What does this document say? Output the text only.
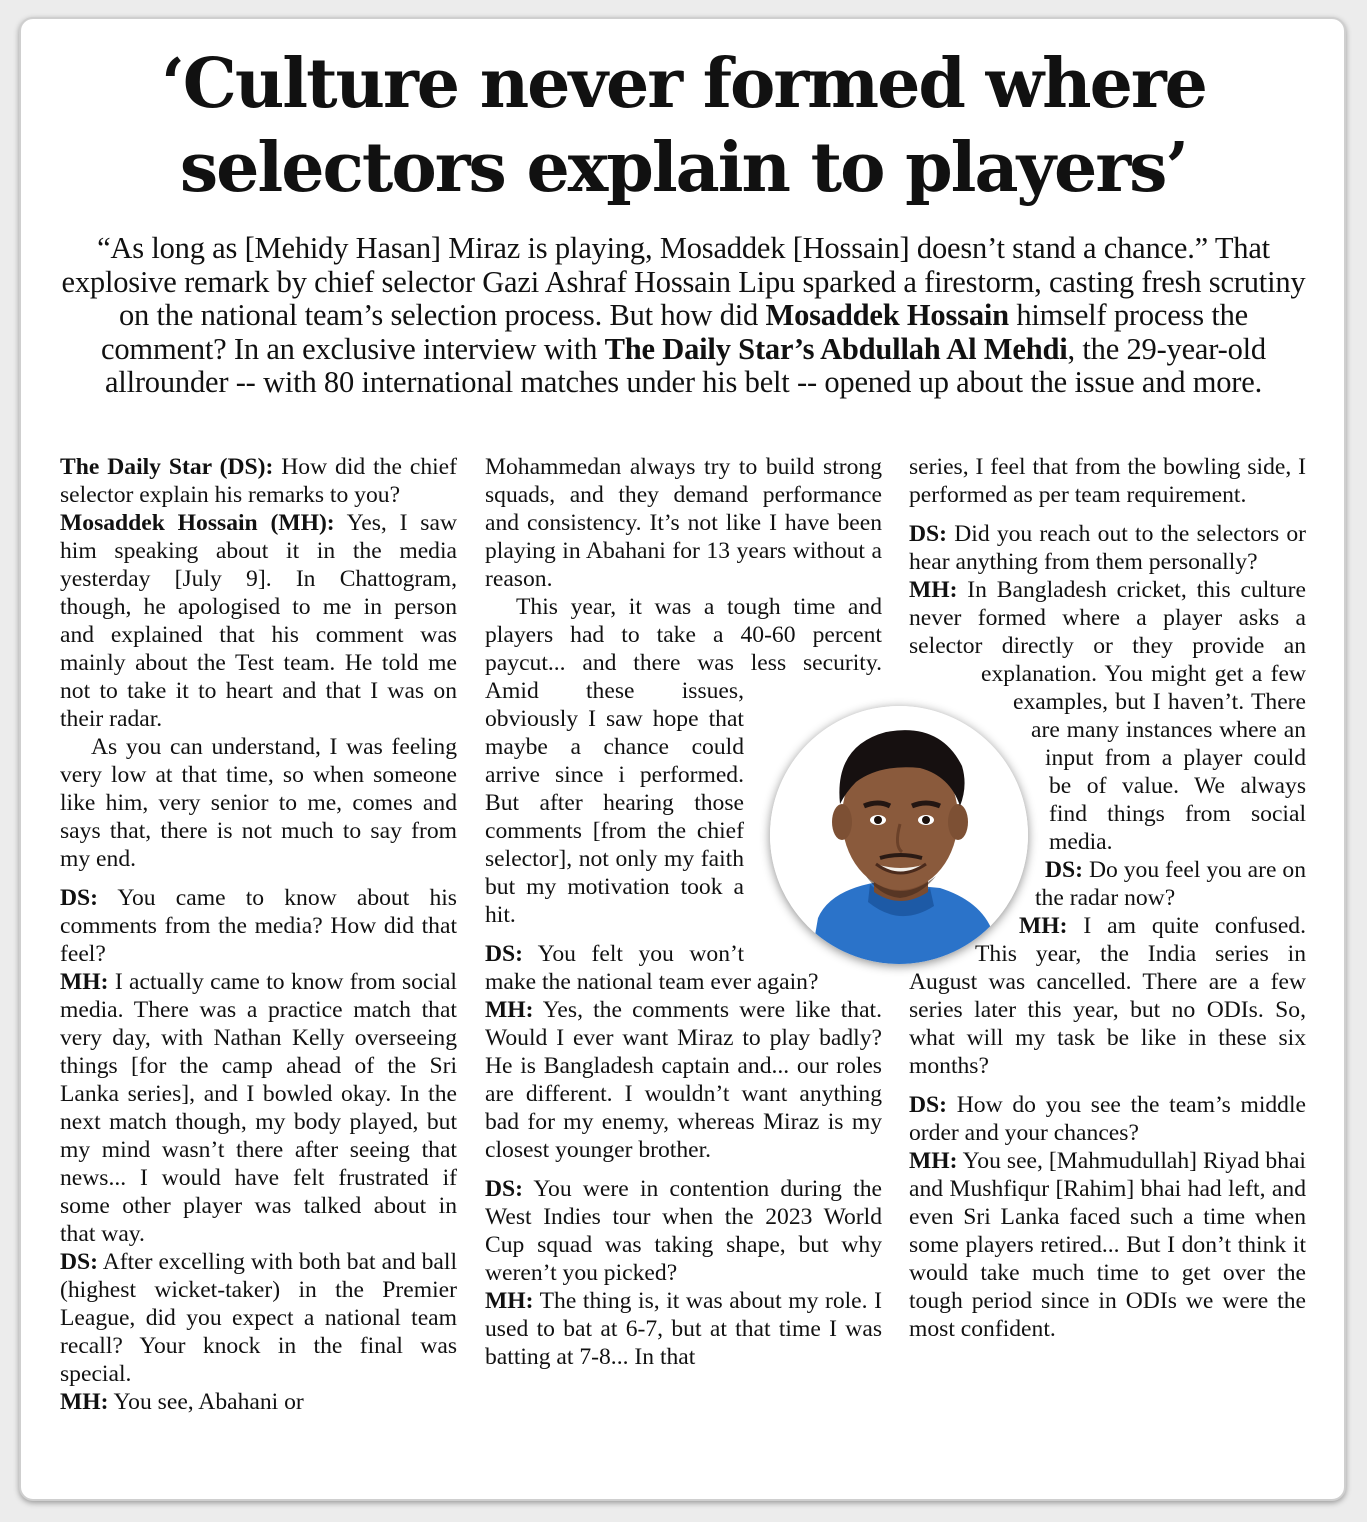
‘Culture never formed where selectors explain to players’

“As long as [Mehidy Hasan] Miraz is playing, Mosaddek [Hossain] doesn’t stand a chance.” That explosive remark by chief selector Gazi Ashraf Hossain Lipu sparked a firestorm, casting fresh scrutiny on the national team’s selection process. But how did Mosaddek Hossain himself process the comment? In an exclusive interview with The Daily Star’s Abdullah Al Mehdi, the 29-year-old allrounder -- with 80 international matches under his belt -- opened up about the issue and more.

The Daily Star (DS): How did the chief selector explain his remarks to you?

Mosaddek Hossain (MH): Yes, I saw him speaking about it in the media yesterday [July 9]. In Chattogram, though, he apologised to me in person and explained that his comment was mainly about the Test team. He told me not to take it to heart and that I was on their radar.

As you can understand, I was feeling very low at that time, so when someone like him, very senior to me, comes and says that, there is not much to say from my end.

DS: You came to know about his comments from the media? How did that feel?

MH: I actually came to know from social media. There was a practice match that very day, with Nathan Kelly overseeing things [for the camp ahead of the Sri Lanka series], and I bowled okay. In the next match though, my body played, but my mind wasn’t there after seeing that news... I would have felt frustrated if some other player was talked about in that way.

DS: After excelling with both bat and ball (highest wicket-taker) in the Premier League, did you expect a national team recall? Your knock in the final was special.

MH: You see, Abahani or

Mohammedan always try to build strong squads, and they demand performance and consistency. It’s not like I have been playing in Abahani for 13 years without a reason.

This year, it was a tough time and players had to take a 40-60 percent paycut... and there was less security. Amid these issues, obviously I saw hope that maybe a chance could arrive since i performed. But after hearing those comments [from the chief selector], not only my faith but my motivation took a hit.

DS: You felt you won’t make the national team ever again?

MH: Yes, the comments were like that. Would I ever want Miraz to play badly? He is Bangladesh captain and... our roles are different. I wouldn’t want anything bad for my enemy, whereas Miraz is my closest younger brother.

DS: You were in contention during the West Indies tour when the 2023 World Cup squad was taking shape, but why weren’t you picked?

MH: The thing is, it was about my role. I used to bat at 6-7, but at that time I was batting at 7-8... In that

series, I feel that from the bowling side, I performed as per team requirement.

DS: Did you reach out to the selectors or hear anything from them personally?

MH: In Bangladesh cricket, this culture never formed where a player asks a selector directly or they provide an explanation. You might get a few examples, but I haven’t. There are many instances where an input from a player could be of value. We always find things from social media.

DS: Do you feel you are on the radar now?

MH: I am quite confused. This year, the India series in August was cancelled. There are a few series later this year, but no ODIs. So, what will my task be like in these six months?

DS: How do you see the team’s middle order and your chances?

MH: You see, [Mahmudullah] Riyad bhai and Mushfiqur [Rahim] bhai had left, and even Sri Lanka faced such a time when some players retired... But I don’t think it would take much time to get over the tough period since in ODIs we were the most confident.
